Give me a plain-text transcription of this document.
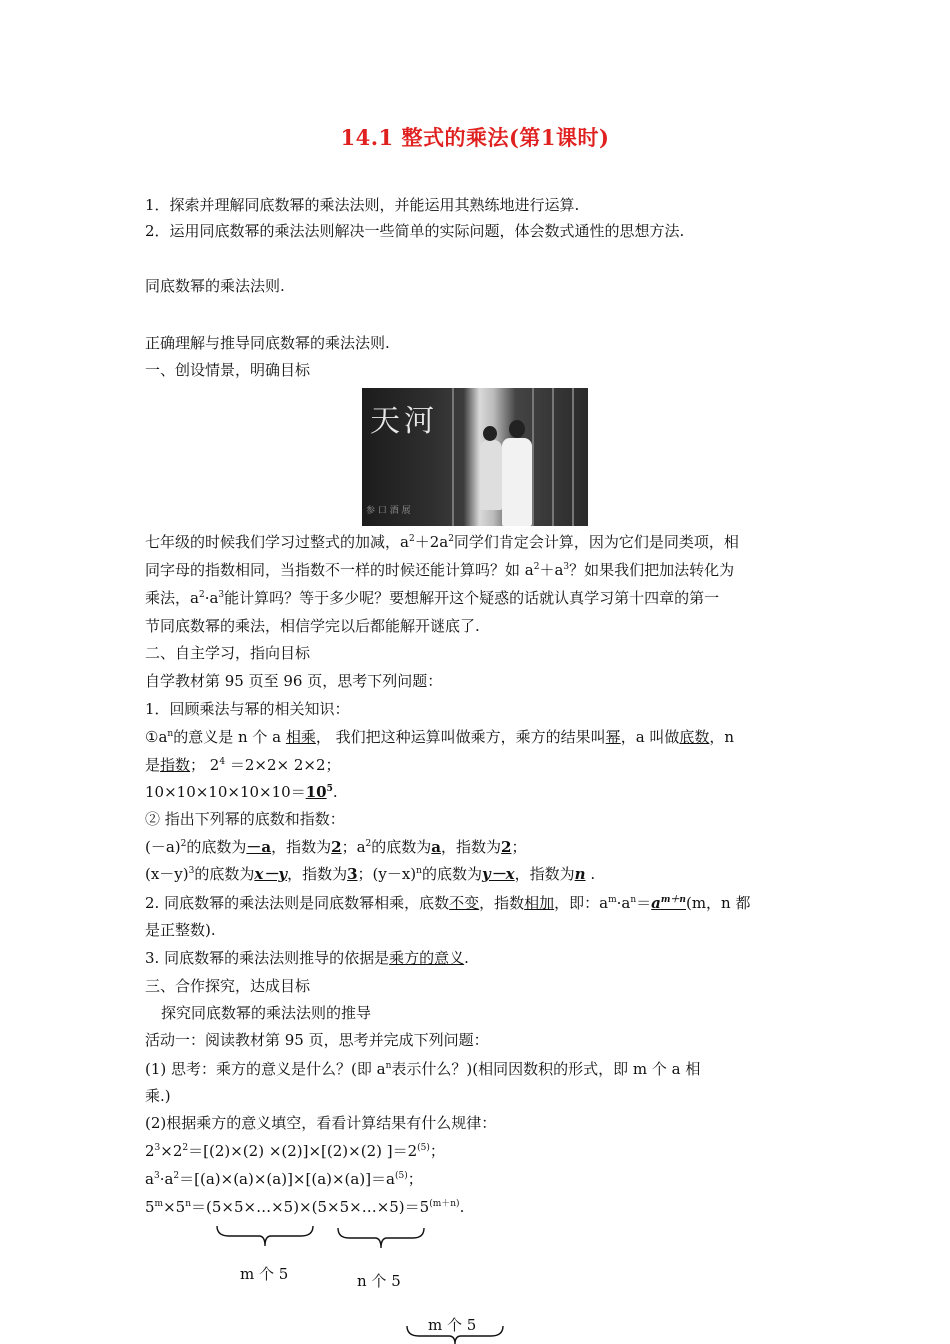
14.1 整式的乘法(第1课时)
1．探索并理解同底数幂的乘法法则，并能运用其熟练地进行运算.
2．运用同底数幂的乘法法则解决一些简单的实际问题，体会数式通性的思想方法.
同底数幂的乘法法则.
正确理解与推导同底数幂的乘法法则.
一、创设情景，明确目标
天河
参 口 酒 展
七年级的时候我们学习过整式的加减，$a^2+2a^2$同学们肯定会计算，因为它们是同类项，相
同字母的指数相同，当指数不一样的时候还能计算吗？如 $a^2+a^3$？如果我们把加法转化为
乘法，$a^2\cdot a^3$能计算吗？等于多少呢？要想解开这个疑惑的话就认真学习第十四章的第一
节同底数幂的乘法，相信学完以后都能解开谜底了.
二、自主学习，指向目标
自学教材第 95 页至 96 页，思考下列问题：
1．回顾乘法与幂的相关知识：
$①a^n$的意义是 n 个 a 相乘， 我们把这种运算叫做乘方，乘方的结果叫幂，a 叫做底数，n
是指数； $2^4 =2\times 2\times 2\times 2$；
$10\times 10\times 10\times 10\times 10=10^5$.
② 指出下列幂的底数和指数：
$(-a)^2$的底数为－a，指数为2；$a^2$的底数为a，指数为2；
$(x-y)^3$的底数为x－y，指数为3；$(y-x)^n$的底数为y－x，指数为n .
2. 同底数幂的乘法法则是同底数幂相乘，底数不变，指数相加，即：$a^m\cdot a^n=a^{m+n}(m$，n 都
是正整数).
3. 同底数幂的乘法法则推导的依据是乘方的意义.
三、合作探究，达成目标
探究同底数幂的乘法法则的推导
活动一：阅读教材第 95 页，思考并完成下列问题：
(1) 思考：乘方的意义是什么？(即 $a^n$表示什么？)(相同因数积的形式，即 m 个 a 相
乘.)
(2)根据乘方的意义填空，看看计算结果有什么规律：
$2^3\times 2^2=[(2)\times(2) \times(2)]\times[(2)\times(2)$ ]$=2^{(5)}$；
$a^3\cdot a^2=[(a)\times(a)\times(a)]\times[(a)\times(a)]=a^{(5)}$；
$5^m\times 5^n=(5\times 5\times\dots\times 5)\times(5\times 5\times\dots\times 5)=5^{(m+n)}$.
m 个 5	n 个 5
m 个 5
